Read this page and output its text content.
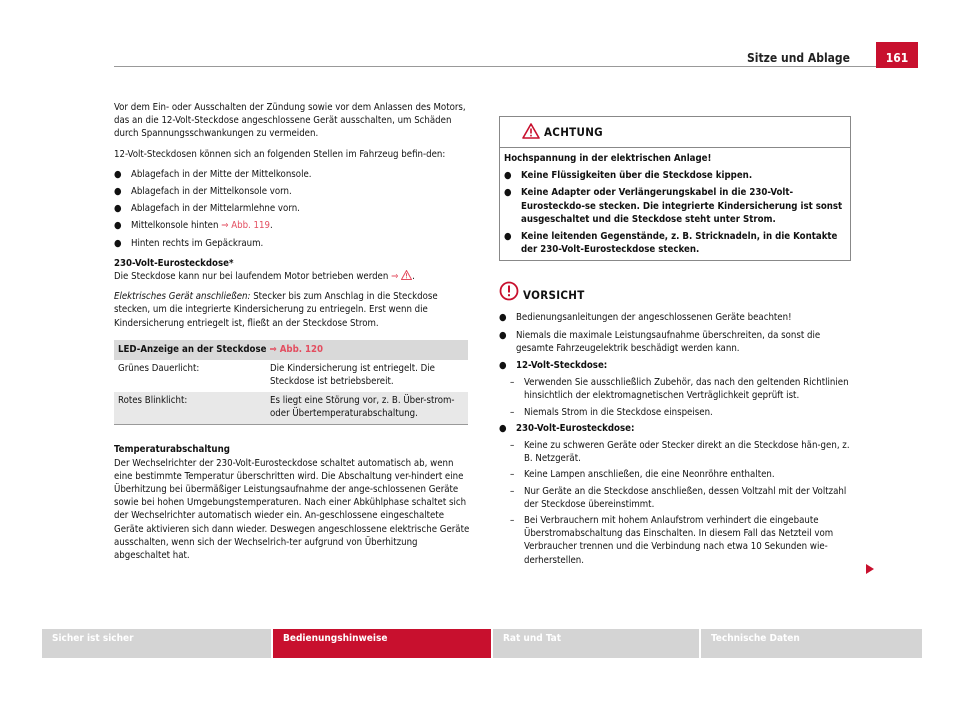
Sitze und Ablage	161

Vor dem Ein- oder Ausschalten der Zündung sowie vor dem Anlassen des Motors, das an die 12-Volt-Steckdose angeschlossene Gerät ausschalten, um Schäden durch Spannungsschwankungen zu vermeiden.

12-Volt-Steckdosen können sich an folgenden Stellen im Fahrzeug befin-den:

● Ablagefach in der Mitte der Mittelkonsole.
● Ablagefach in der Mittelkonsole vorn.
● Ablagefach in der Mittelarmlehne vorn.
● Mittelkonsole hinten ⇒ Abb. 119.
● Hinten rechts im Gepäckraum.

230-Volt-Eurosteckdose*

Die Steckdose kann nur bei laufendem Motor betrieben werden ⇒ .

Elektrisches Gerät anschließen: Stecker bis zum Anschlag in die Steckdose stecken, um die integrierte Kindersicherung zu entriegeln. Erst wenn die Kindersicherung entriegelt ist, fließt an der Steckdose Strom.

LED-Anzeige an der Steckdose ⇒ Abb. 120	
Grünes Dauerlicht:	Die Kindersicherung ist entriegelt. Die Steckdose ist betriebsbereit.
Rotes Blinklicht:	Es liegt eine Störung vor, z. B. Über-strom- oder Übertemperaturabschaltung.

Temperaturabschaltung

Der Wechselrichter der 230-Volt-Eurosteckdose schaltet automatisch ab, wenn eine bestimmte Temperatur überschritten wird. Die Abschaltung ver-hindert eine Überhitzung bei übermäßiger Leistungsaufnahme der ange-schlossenen Geräte sowie bei hohen Umgebungstemperaturen. Nach einer Abkühlphase schaltet sich der Wechselrichter automatisch wieder ein. An-geschlossene eingeschaltete Geräte aktivieren sich dann wieder. Deswegen angeschlossene elektrische Geräte ausschalten, wenn sich der Wechselrich-ter aufgrund von Überhitzung abgeschaltet hat.

ACHTUNG

Hochspannung in der elektrischen Anlage!

● Keine Flüssigkeiten über die Steckdose kippen.
● Keine Adapter oder Verlängerungskabel in die 230-Volt-Eurosteckdo-se stecken. Die integrierte Kindersicherung ist sonst ausgeschaltet und die Steckdose steht unter Strom.
● Keine leitenden Gegenstände, z. B. Stricknadeln, in die Kontakte der 230-Volt-Eurosteckdose stecken.
VORSICHT
● Bedienungsanleitungen der angeschlossenen Geräte beachten!
● Niemals die maximale Leistungsaufnahme überschreiten, da sonst die gesamte Fahrzeugelektrik beschädigt werden kann.
● 12-Volt-Steckdose:
–	Verwenden Sie ausschließlich Zubehör, das nach den geltenden Richtlinien hinsichtlich der elektromagnetischen Verträglichkeit geprüft ist.
–	Niemals Strom in die Steckdose einspeisen.
● 230-Volt-Eurosteckdose:
–	Keine zu schweren Geräte oder Stecker direkt an die Steckdose hän-gen, z. B. Netzgerät.
–	Keine Lampen anschließen, die eine Neonröhre enthalten.
–	Nur Geräte an die Steckdose anschließen, dessen Voltzahl mit der Voltzahl der Steckdose übereinstimmt.
–	Bei Verbrauchern mit hohem Anlaufstrom verhindert die eingebaute Überstromabschaltung das Einschalten. In diesem Fall das Netzteil vom Verbraucher trennen und die Verbindung nach etwa 10 Sekunden wie-derherstellen.
Sicher ist sicher	Bedienungshinweise	Rat und Tat	Technische Daten
